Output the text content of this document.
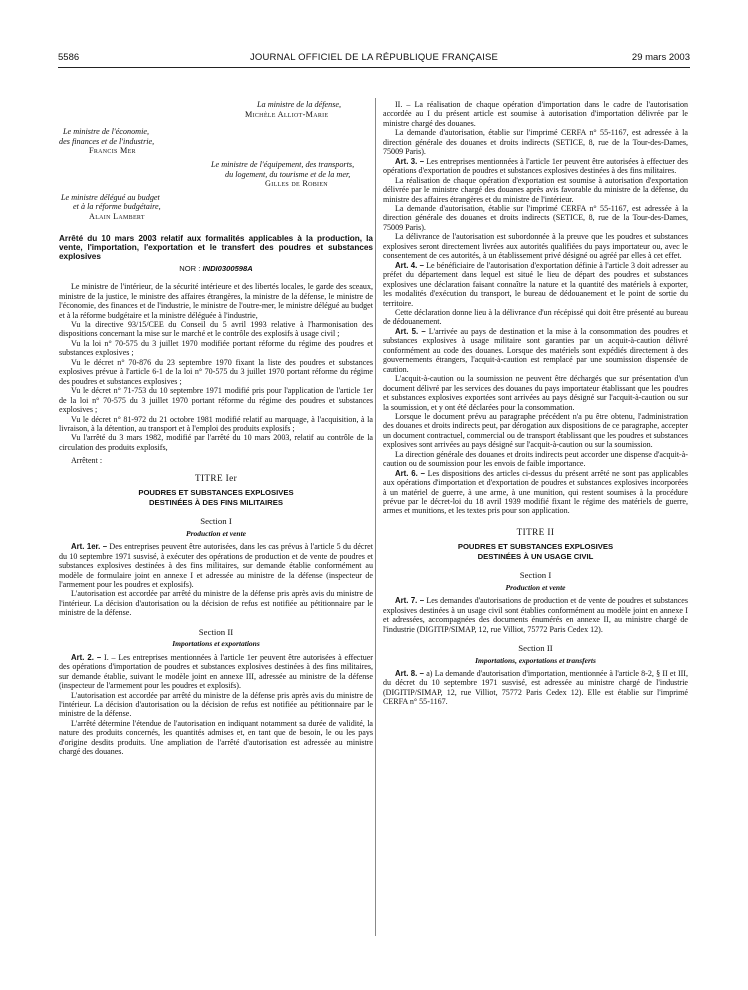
5586	JOURNAL OFFICIEL DE LA RÉPUBLIQUE FRANÇAISE	29 mars 2003
La ministre de la défense,
Michèle Alliot-Marie
Le ministre de l'économie,
des finances et de l'industrie,
Francis Mer
Le ministre de l'équipement, des transports,
du logement, du tourisme et de la mer,
Gilles de Robien
Le ministre délégué au budget
et à la réforme budgétaire,
Alain Lambert
Arrêté du 10 mars 2003 relatif aux formalités applicables à la production, la vente, l'importation, l'exportation et le transfert des poudres et substances explosives
NOR : INDI0300598A

Le ministre de l'intérieur, de la sécurité intérieure et des libertés locales, le garde des sceaux, ministre de la justice, le ministre des affaires étrangères, la ministre de la défense, le ministre de l'économie, des finances et de l'industrie, le ministre de l'outre-mer, le ministre délégué au budget et à la réforme budgétaire et la ministre déléguée à l'industrie,

Vu la directive 93/15/CEE du Conseil du 5 avril 1993 relative à l'harmonisation des dispositions concernant la mise sur le marché et le contrôle des explosifs à usage civil ;

Vu la loi n° 70-575 du 3 juillet 1970 modifiée portant réforme du régime des poudres et substances explosives ;

Vu le décret n° 70-876 du 23 septembre 1970 fixant la liste des poudres et substances explosives prévue à l'article 6-1 de la loi n° 70-575 du 3 juillet 1970 portant réforme du régime des poudres et substances explosives ;

Vu le décret n° 71-753 du 10 septembre 1971 modifié pris pour l'application de l'article 1er de la loi n° 70-575 du 3 juillet 1970 portant réforme du régime des poudres et substances explosives ;

Vu le décret n° 81-972 du 21 octobre 1981 modifié relatif au marquage, à l'acquisition, à la livraison, à la détention, au transport et à l'emploi des produits explosifs ;

Vu l'arrêté du 3 mars 1982, modifié par l'arrêté du 10 mars 2003, relatif au contrôle de la circulation des produits explosifs,

Arrêtent :

TITRE Ier
POUDRES ET SUBSTANCES EXPLOSIVES
DESTINÉES À DES FINS MILITAIRES
Section I
Production et vente

Art. 1er. – Des entreprises peuvent être autorisées, dans les cas prévus à l'article 5 du décret du 10 septembre 1971 susvisé, à exécuter des opérations de production et de vente de poudres et substances explosives destinées à des fins militaires, sur demande établie conformément au modèle de formulaire joint en annexe I et adressée au ministre de la défense (inspecteur de l'armement pour les poudres et explosifs).

L'autorisation est accordée par arrêté du ministre de la défense pris après avis du ministre de l'intérieur. La décision d'autorisation ou la décision de refus est notifiée au pétitionnaire par le ministre de la défense.

Section II
Importations et exportations

Art. 2. – I. – Les entreprises mentionnées à l'article 1er peuvent être autorisées à effectuer des opérations d'importation de poudres et substances explosives destinées à des fins militaires, sur demande établie, suivant le modèle joint en annexe III, adressée au ministre de la défense (inspecteur de l'armement pour les poudres et explosifs).

L'autorisation est accordée par arrêté du ministre de la défense pris après avis du ministre de l'intérieur. La décision d'autorisation ou la décision de refus est notifiée au pétitionnaire par le ministre de la défense.

L'arrêté détermine l'étendue de l'autorisation en indiquant notamment sa durée de validité, la nature des produits concernés, les quantités admises et, en tant que de besoin, le ou les pays d'origine desdits produits. Une ampliation de l'arrêté d'autorisation est adressée au ministre chargé des douanes.

II. – La réalisation de chaque opération d'importation dans le cadre de l'autorisation accordée au I du présent article est soumise à autorisation d'importation délivrée par le ministre chargé des douanes.

La demande d'autorisation, établie sur l'imprimé CERFA n° 55-1167, est adressée à la direction générale des douanes et droits indirects (SETICE, 8, rue de la Tour-des-Dames, 75009 Paris).

Art. 3. – Les entreprises mentionnées à l'article 1er peuvent être autorisées à effectuer des opérations d'exportation de poudres et substances explosives destinées à des fins militaires.

La réalisation de chaque opération d'exportation est soumise à autorisation d'exportation délivrée par le ministre chargé des douanes après avis favorable du ministre de la défense, du ministre des affaires étrangères et du ministre de l'intérieur.

La demande d'autorisation, établie sur l'imprimé CERFA n° 55-1167, est adressée à la direction générale des douanes et droits indirects (SETICE, 8, rue de la Tour-des-Dames, 75009 Paris).

La délivrance de l'autorisation est subordonnée à la preuve que les poudres et substances explosives seront directement livrées aux autorités qualifiées du pays importateur ou, avec le consentement de ces autorités, à un établissement privé désigné ou agréé par elles à cet effet.

Art. 4. – Le bénéficiaire de l'autorisation d'exportation définie à l'article 3 doit adresser au préfet du département dans lequel est situé le lieu de départ des poudres et substances explosives une déclaration faisant connaître la nature et la quantité des matériels à exporter, les modalités d'exécution du transport, le bureau de dédouanement et le point de sortie du territoire.

Cette déclaration donne lieu à la délivrance d'un récépissé qui doit être présenté au bureau de dédouanement.

Art. 5. – L'arrivée au pays de destination et la mise à la consommation des poudres et substances explosives à usage militaire sont garanties par un acquit-à-caution délivré conformément au code des douanes. Lorsque des matériels sont expédiés directement à des gouvernements étrangers, l'acquit-à-caution est remplacé par une soumission dispensée de caution.

L'acquit-à-caution ou la soumission ne peuvent être déchargés que sur présentation d'un document délivré par les services des douanes du pays importateur établissant que les poudres et substances explosives exportées sont arrivées au pays désigné sur l'acquit-à-caution ou sur la soumission, et y ont été déclarées pour la consommation.

Lorsque le document prévu au paragraphe précédent n'a pu être obtenu, l'administration des douanes et droits indirects peut, par dérogation aux dispositions de ce paragraphe, accepter un document contractuel, commercial ou de transport établissant que les poudres et substances explosives sont arrivées au pays désigné sur l'acquit-à-caution ou sur la soumission.

La direction générale des douanes et droits indirects peut accorder une dispense d'acquit-à-caution ou de soumission pour les envois de faible importance.

Art. 6. – Les dispositions des articles ci-dessus du présent arrêté ne sont pas applicables aux opérations d'importation et d'exportation de poudres et substances explosives incorporées à un matériel de guerre, à une arme, à une munition, qui restent soumises à la procédure prévue par le décret-loi du 18 avril 1939 modifié fixant le régime des matériels de guerre, armes et munitions, et les textes pris pour son application.

TITRE II
POUDRES ET SUBSTANCES EXPLOSIVES
DESTINÉES À UN USAGE CIVIL
Section I
Production et vente

Art. 7. – Les demandes d'autorisations de production et de vente de poudres et substances explosives destinées à un usage civil sont établies conformément au modèle joint en annexe I et adressées, accompagnées des documents énumérés en annexe II, au ministre chargé de l'industrie (DIGITIP/SIMAP, 12, rue Villiot, 75772 Paris Cedex 12).

Section II
Importations, exportations et transferts

Art. 8. – a) La demande d'autorisation d'importation, mentionnée à l'article 8-2, § II et III, du décret du 10 septembre 1971 susvisé, est adressée au ministre chargé de l'industrie (DIGITIP/SIMAP, 12, rue Villiot, 75772 Paris Cedex 12). Elle est établie sur l'imprimé CERFA n° 55-1167.
